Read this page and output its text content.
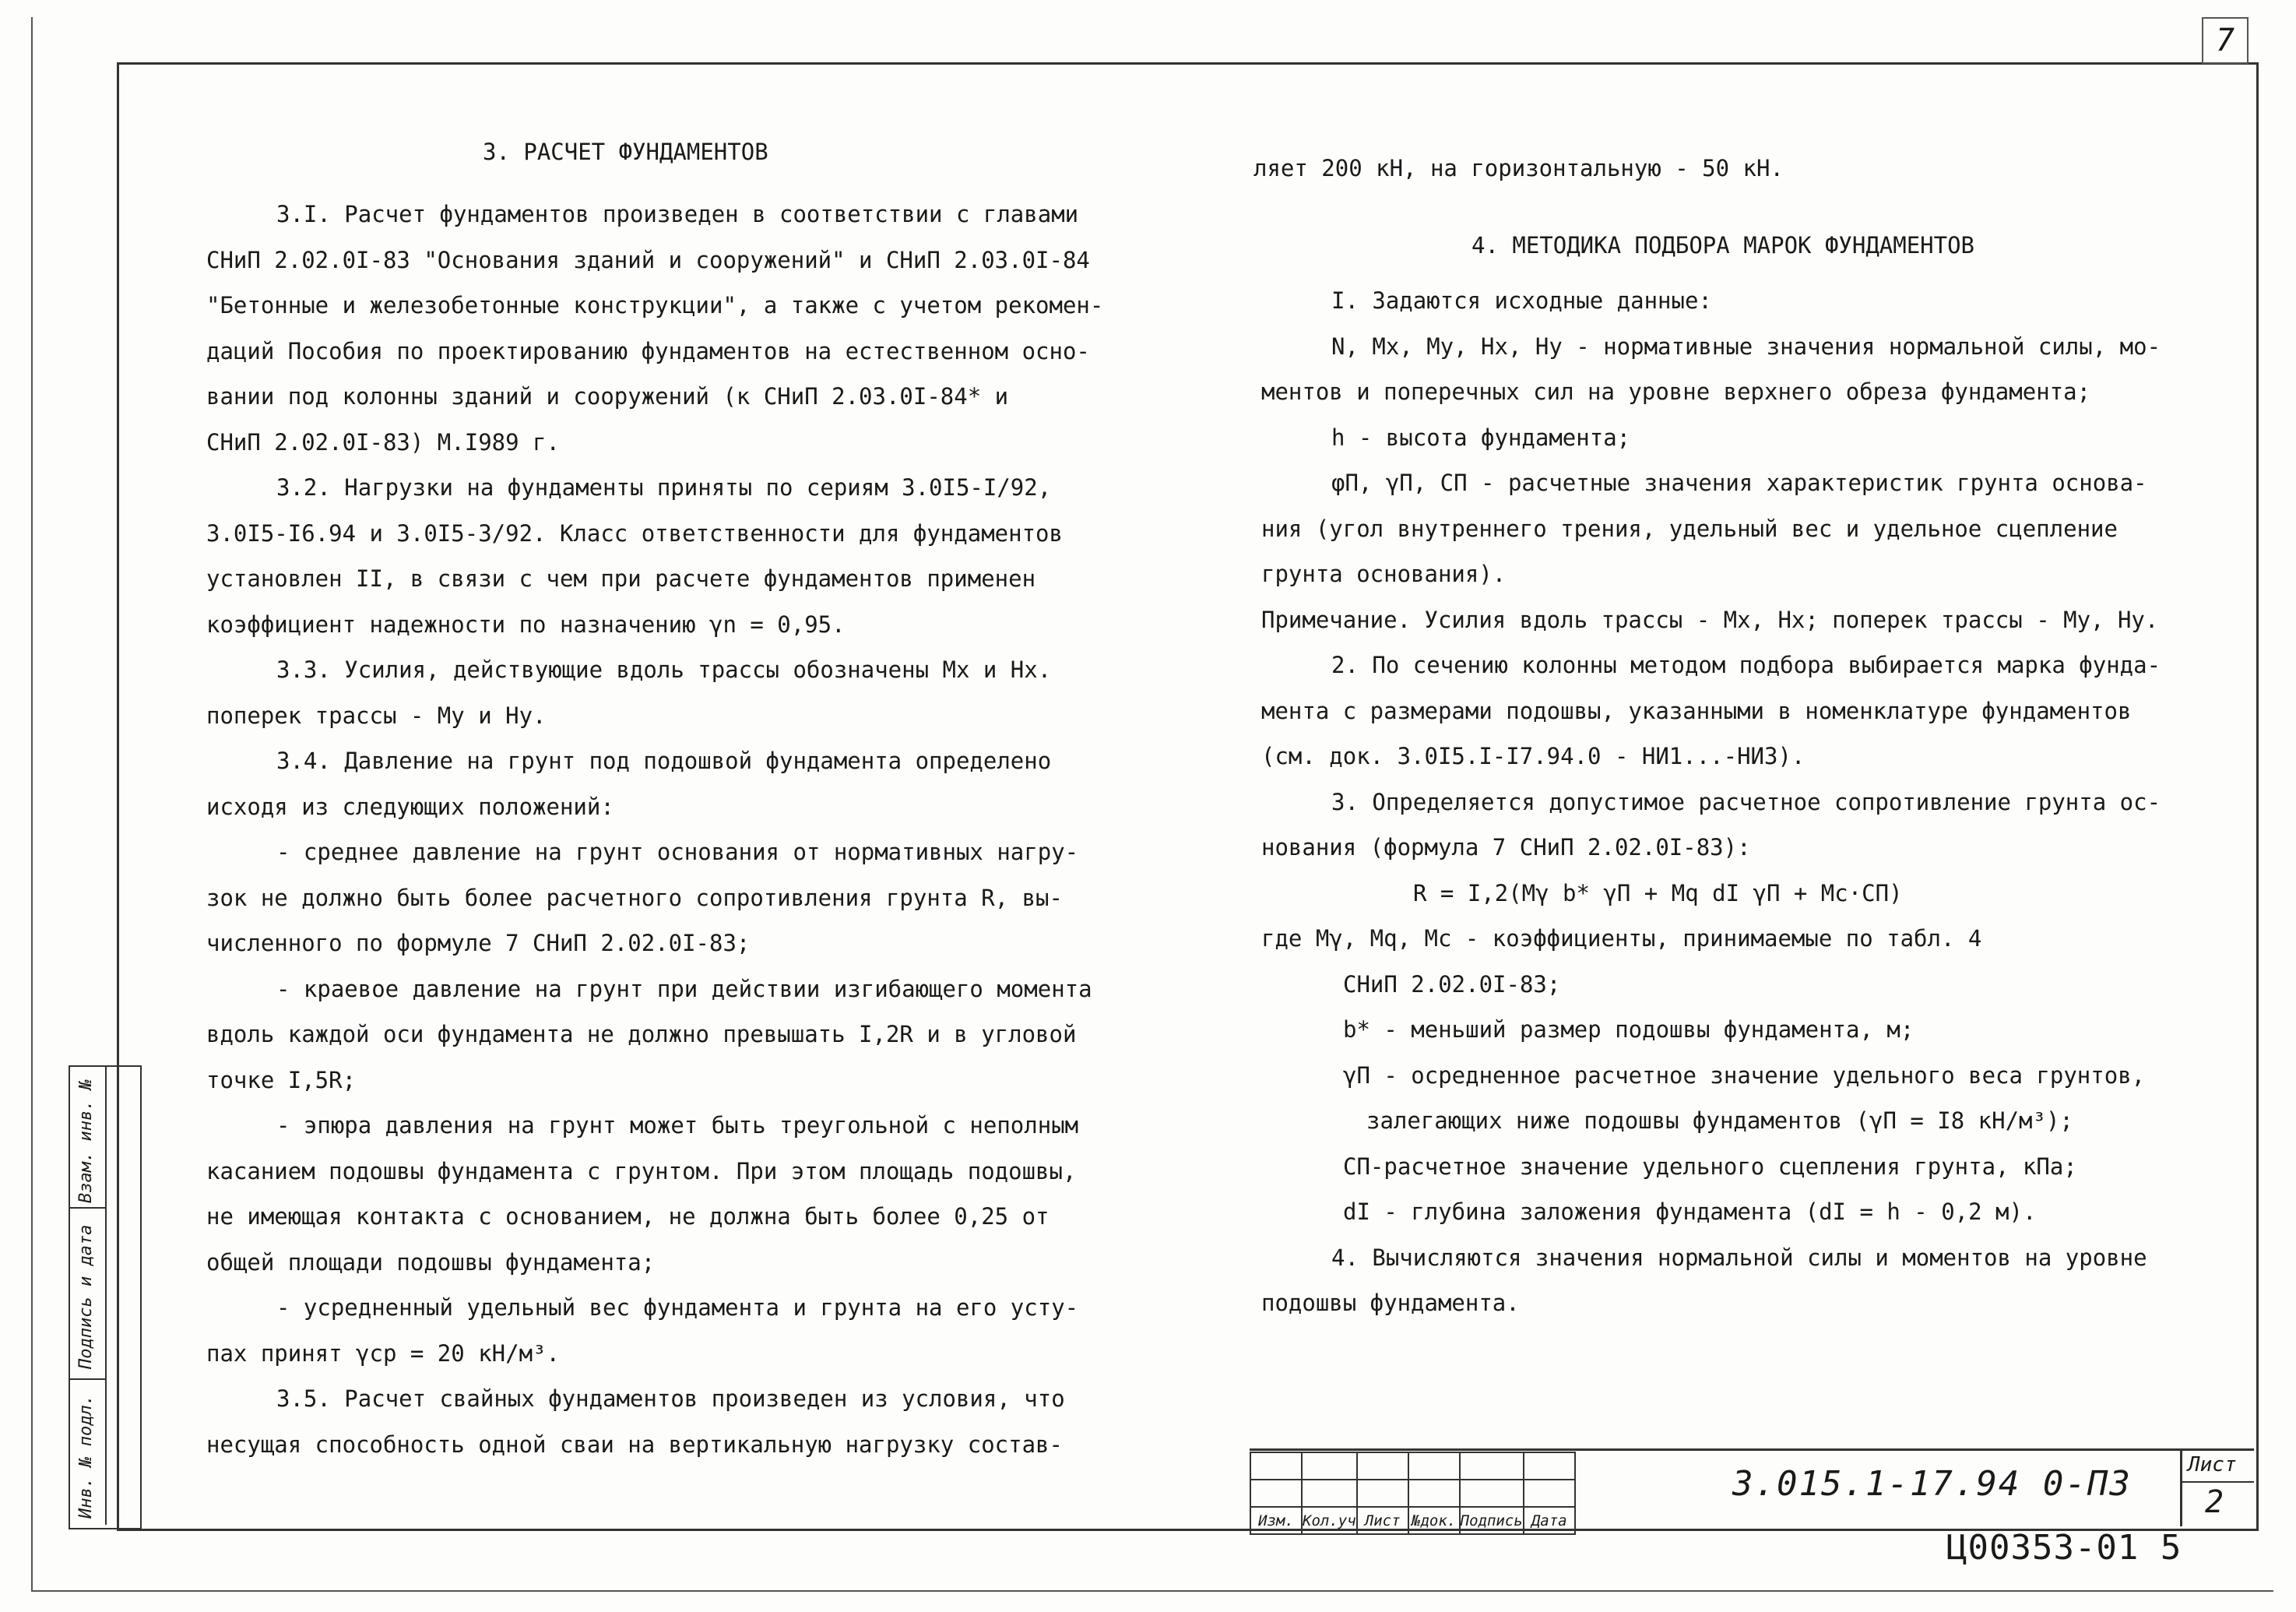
7
3. РАСЧЕТ ФУНДАМЕНТОВ

3.I. Расчет фундаментов произведен в соответствии с главами

СНиП 2.02.0I-83 "Основания зданий и сооружений" и СНиП 2.03.0I-84

"Бетонные и железобетонные конструкции", а также с учетом рекомен-

даций Пособия по проектированию фундаментов на естественном осно-

вании под колонны зданий и сооружений (к СНиП 2.03.0I-84* и

СНиП 2.02.0I-83) М.I989 г.

3.2. Нагрузки на фундаменты приняты по сериям 3.0I5-I/92,

3.0I5-I6.94 и 3.0I5-3/92. Класс ответственности для фундаментов

установлен II, в связи с чем при расчете фундаментов применен

коэффициент надежности по назначению γn = 0,95.

3.3. Усилия, действующие вдоль трассы обозначены Mx и Hx.

поперек трассы - My и Hy.

3.4. Давление на грунт под подошвой фундамента определено

исходя из следующих положений:

- среднее давление на грунт основания от нормативных нагру-

зок не должно быть более расчетного сопротивления грунта R, вы-

численного по формуле 7 СНиП 2.02.0I-83;

- краевое давление на грунт при действии изгибающего момента

вдоль каждой оси фундамента не должно превышать I,2R и в угловой

точке I,5R;

- эпюра давления на грунт может быть треугольной с неполным

касанием подошвы фундамента с грунтом. При этом площадь подошвы,

не имеющая контакта с основанием, не должна быть более 0,25 от

общей площади подошвы фундамента;

- усредненный удельный вес фундамента и грунта на его усту-

пах принят γср = 20 кН/м³.

3.5. Расчет свайных фундаментов произведен из условия, что

несущая способность одной сваи на вертикальную нагрузку состав-

ляет 200 кН, на горизонтальную - 50 кН.
4. МЕТОДИКА ПОДБОРА МАРОК ФУНДАМЕНТОВ

I. Задаются исходные данные:

N, Mx, My, Hx, Hy - нормативные значения нормальной силы, мо-

ментов и поперечных сил на уровне верхнего обреза фундамента;

h - высота фундамента;

φП, γП, CП - расчетные значения характеристик грунта основа-

ния (угол внутреннего трения, удельный вес и удельное сцепление

грунта основания).

Примечание. Усилия вдоль трассы - Mx, Hx; поперек трассы - My, Hy.

2. По сечению колонны методом подбора выбирается марка фунда-

мента с размерами подошвы, указанными в номенклатуре фундаментов

(см. док. 3.0I5.I-I7.94.0 - НИ1...-НИ3).

3. Определяется допустимое расчетное сопротивление грунта ос-

нования (формула 7 СНиП 2.02.0I-83):

R = I,2(Mγ b* γП + Mq dI γП + Mc·CП)

где Mγ, Mq, Mc - коэффициенты, принимаемые по табл. 4

СНиП 2.02.0I-83;

b* - меньший размер подошвы фундамента, м;

γП - осредненное расчетное значение удельного веса грунтов,

залегающих ниже подошвы фундаментов (γП = I8 кН/м³);

CП-расчетное значение удельного сцепления грунта, кПа;

dI - глубина заложения фундамента (dI = h - 0,2 м).

4. Вычисляются значения нормальной силы и моментов на уровне

подошвы фундамента.

Инв. № подл.
Подпись и дата
Взам. инв. №

Изм.	Кол.уч	Лист	№док.	Подпись	Дата
3.015.1-17.94 0-ПЗ	Лист
2
Ц00353-01 5
